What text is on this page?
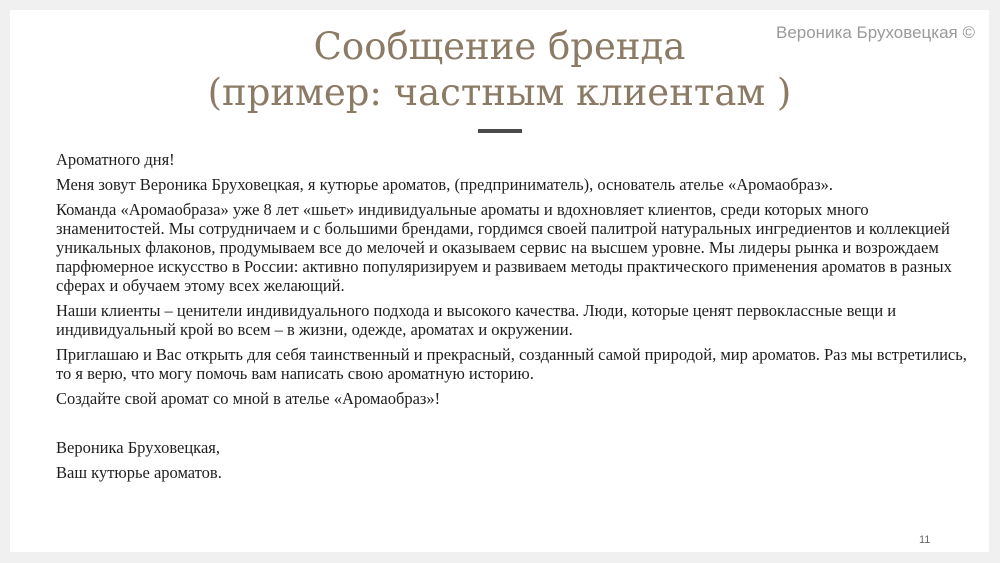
Вероника Бруховецкая ©
Сообщение бренда
(пример: частным клиентам )

Ароматного дня!

Меня зовут Вероника Бруховецкая, я кутюрье ароматов, (предприниматель), основатель ателье «Аромаобраз».

Команда «Аромаобраза» уже 8 лет «шьет» индивидуальные ароматы и вдохновляет клиентов, среди которых много знаменитостей. Мы сотрудничаем и с большими брендами, гордимся своей палитрой натуральных ингредиентов и коллекцией уникальных флаконов, продумываем все до мелочей и оказываем сервис на высшем уровне. Мы лидеры рынка и возрождаем парфюмерное искусство в России: активно популяризируем и развиваем методы практического применения ароматов в разных сферах и обучаем этому всех желающий.

Наши клиенты – ценители индивидуального подхода и высокого качества. Люди, которые ценят первоклассные вещи и индивидуальный крой во всем – в жизни, одежде, ароматах и окружении.

Приглашаю и Вас открыть для себя таинственный и прекрасный, созданный самой природой, мир ароматов. Раз мы встретились, то я верю, что могу помочь вам написать свою ароматную историю.

Создайте свой аромат со мной в ателье «Аромаобраз»!

Вероника Бруховецкая,

Ваш кутюрье ароматов.

11
